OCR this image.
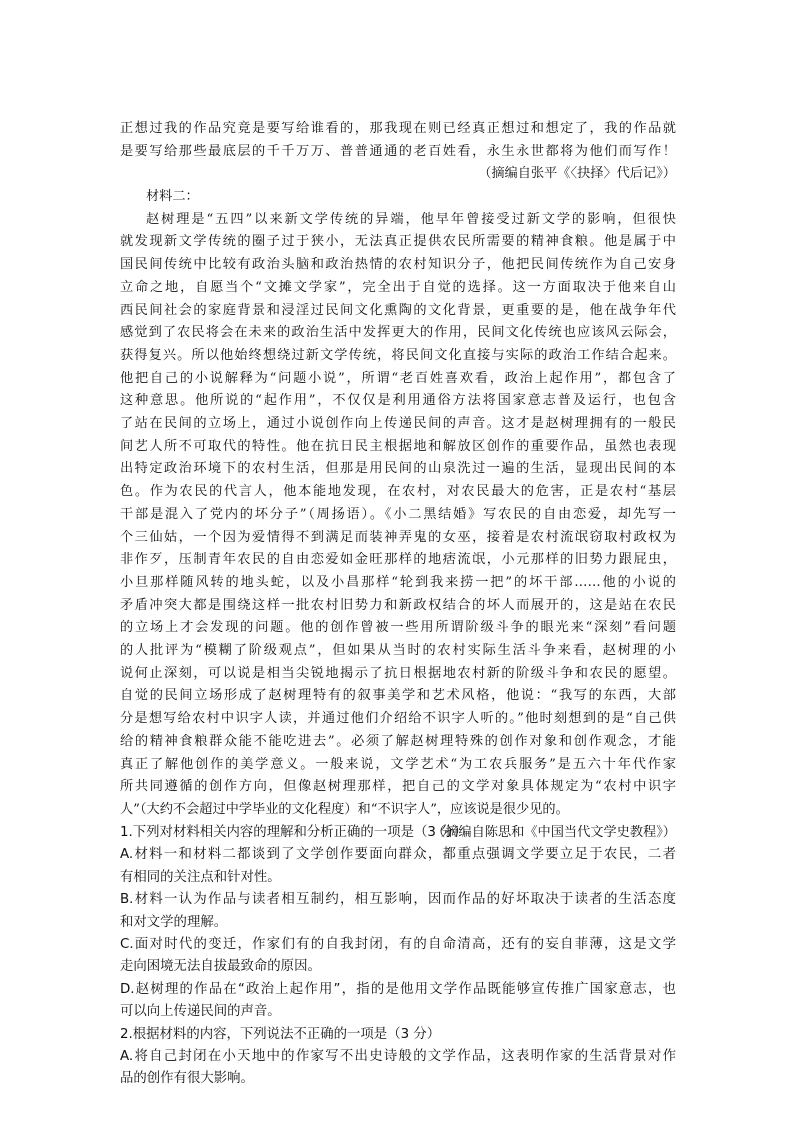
正想过我的作品究竟是要写给谁看的，那我现在则已经真正想过和想定了，我的作品就
是要写给那些最底层的千千万万、普普通通的老百姓看，永生永世都将为他们而写作！
（摘编自张平《〈抉择〉代后记》）
材料二：
赵树理是“五四”以来新文学传统的异端，他早年曾接受过新文学的影响，但很快
就发现新文学传统的圈子过于狭小，无法真正提供农民所需要的精神食粮。他是属于中
国民间传统中比较有政治头脑和政治热情的农村知识分子，他把民间传统作为自己安身
立命之地，自愿当个“文摊文学家”，完全出于自觉的选择。这一方面取决于他来自山
西民间社会的家庭背景和浸淫过民间文化熏陶的文化背景，更重要的是，他在战争年代
感觉到了农民将会在未来的政治生活中发挥更大的作用，民间文化传统也应该风云际会，
获得复兴。所以他始终想绕过新文学传统，将民间文化直接与实际的政治工作结合起来。
他把自己的小说解释为“问题小说”，所谓“老百姓喜欢看，政治上起作用”，都包含了
这种意思。他所说的“起作用”，不仅仅是利用通俗方法将国家意志普及运行，也包含
了站在民间的立场上，通过小说创作向上传递民间的声音。这才是赵树理拥有的一般民
间艺人所不可取代的特性。他在抗日民主根据地和解放区创作的重要作品，虽然也表现
出特定政治环境下的农村生活，但那是用民间的山泉洗过一遍的生活，显现出民间的本
色。作为农民的代言人，他本能地发现，在农村，对农民最大的危害，正是农村“基层
干部是混入了党内的坏分子”（周扬语）。《小二黑结婚》写农民的自由恋爱，却先写一
个三仙姑，一个因为爱情得不到满足而装神弄鬼的女巫，接着是农村流氓窃取村政权为
非作歹，压制青年农民的自由恋爱如金旺那样的地痞流氓，小元那样的旧势力跟屁虫，
小旦那样随风转的地头蛇，以及小昌那样“轮到我来捞一把”的坏干部……他的小说的
矛盾冲突大都是围绕这样一批农村旧势力和新政权结合的坏人而展开的，这是站在农民
的立场上才会发现的问题。他的创作曾被一些用所谓阶级斗争的眼光来“深刻”看问题
的人批评为“模糊了阶级观点”，但如果从当时的农村实际生活斗争来看，赵树理的小
说何止深刻，可以说是相当尖锐地揭示了抗日根据地农村新的阶级斗争和农民的愿望。
自觉的民间立场形成了赵树理特有的叙事美学和艺术风格，他说：“我写的东西，大部
分是想写给农村中识字人读，并通过他们介绍给不识字人听的。”他时刻想到的是“自己供
给的精神食粮群众能不能吃进去”。必须了解赵树理特殊的创作对象和创作观念，才能
真正了解他创作的美学意义。一般来说，文学艺术“为工农兵服务”是五六十年代作家
所共同遵循的创作方向，但像赵树理那样，把自己的文学对象具体规定为“农村中识字
人”（大约不会超过中学毕业的文化程度）和“不识字人”，应该说是很少见的。
（摘编自陈思和《中国当代文学史教程》）
1.下列对材料相关内容的理解和分析正确的一项是（3 分）
A.材料一和材料二都谈到了文学创作要面向群众，都重点强调文学要立足于农民，二者
有相同的关注点和针对性。
B.材料一认为作品与读者相互制约，相互影响，因而作品的好坏取决于读者的生活态度
和对文学的理解。
C.面对时代的变迁，作家们有的自我封闭，有的自命清高，还有的妄自菲薄，这是文学
走向困境无法自拔最致命的原因。
D.赵树理的作品在“政治上起作用”，指的是他用文学作品既能够宣传推广国家意志，也
可以向上传递民间的声音。
2.根据材料的内容，下列说法不正确的一项是（3 分）
A.将自己封闭在小天地中的作家写不出史诗般的文学作品，这表明作家的生活背景对作
品的创作有很大影响。
